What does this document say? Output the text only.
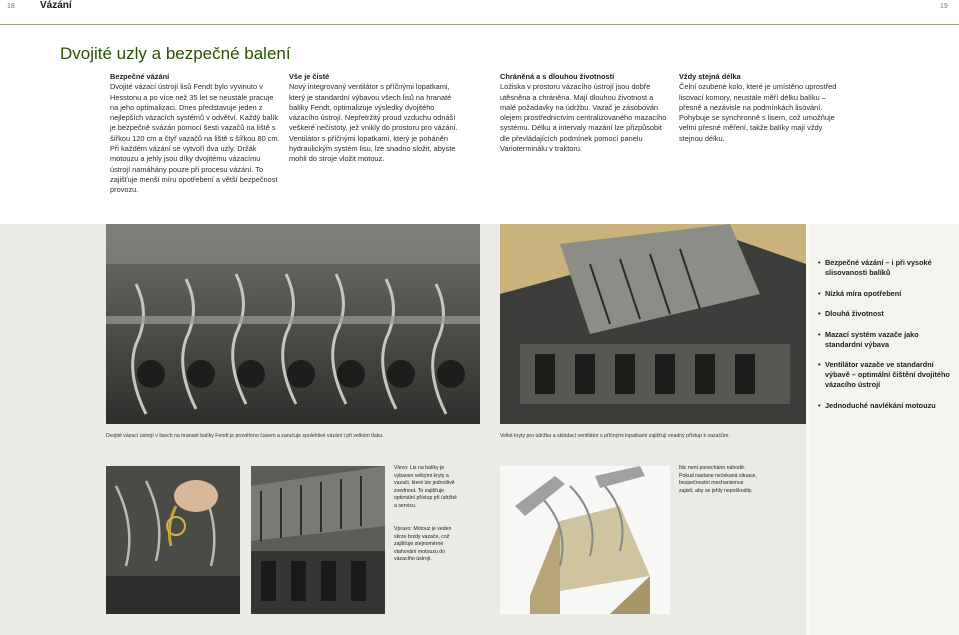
18	Vázání	19
Dvojité uzly a bezpečné balení
Bezpečné vázání

Dvojité vázací ústrojí lisů Fendt bylo vyvinuto v Hesstonu a po více než 35 let se neustále pracuje na jeho optimalizaci. Dnes představuje jeden z nejlepších vázacích systémů v odvětví. Každý balík je bezpečně svázán pomocí šesti vazačů na liště s šířkou 120 cm a čtyř vazačů na liště s šířkou 80 cm. Při každém vázání se vytvoří dva uzly. Držák motouzu a jehly jsou díky dvojitému vázacímu ústrojí namáhány pouze při procesu vázání. To zajišťuje menší míru opotřebení a větší bezpečnost provozu.

Vše je čisté

Nový integrovaný ventilátor s příčnými lopatkami, který je standardní výbavou všech lisů na hranaté balíky Fendt, optimalizuje výsledky dvojitého vázacího ústrojí. Nepřetržitý proud vzduchu odnáší veškeré nečistoty, jež vnikly do prostoru pro vázání. Ventilátor s příčnými lopatkami, který je poháněn hydraulickým systém lisu, lze snadno složit, abyste mohli do stroje vložit motouz.

Chráněná a s dlouhou životností

Ložiska v prostoru vázacího ústrojí jsou dobře utěsněna a chráněna. Mají dlouhou životnost a malé požadavky na údržbu. Vazač je zásobován olejem prostřednictvím centralizovaného mazacího systému. Délku a intervaly mazání lze přizpůsobit dle převládajících podmínek pomocí panelu Varioterminálu v traktoru.

Vždy stejná délka

Čelní ozubené kolo, které je umístěno uprostřed lisovací komory, neustále měří délku balíku – přesně a nezávisle na podmínkách lisování. Pohybuje se synchronně s lisem, což umožňuje velmi přesné měření, takže balíky mají vždy stejnou délku.

• Bezpečné vázání – i při vysoké slisovanosti balíků
• Nízká míra opotřebení
• Dlouhá životnost
• Mazací systém vazače jako standardní výbava
• Ventilátor vazače ve standardní výbavě – optimální čištění dvojitého vázacího ústrojí
• Jednoduché navlékání motouzu
Dvojité vázací ústrojí v lisech na hranaté balíky Fendt je prověřeno časem a zaručuje spolehlivé vázání i při velkém tlaku.	Velké kryty pro údržbu a skládací ventilátor s příčnými lopatkami zajišťují snadný přístup k vazačům.
Vlevo: Lis na balíky je vybaven velkými kryty a vazači, které lze jednotlivě zvednout. To zajišťuje optimální přístup při údržbě a servisu.
Vpravo: Motouz je veden skrze brzdy vazače, což zajišťuje stejnoměrné vtahování motouzu do vázacího ústrojí.
Nic není ponecháno náhodě. Pokud nastane nečekaná situace, bezpečnostní mechanismus zajistí, aby se jehly nepoškodily.
